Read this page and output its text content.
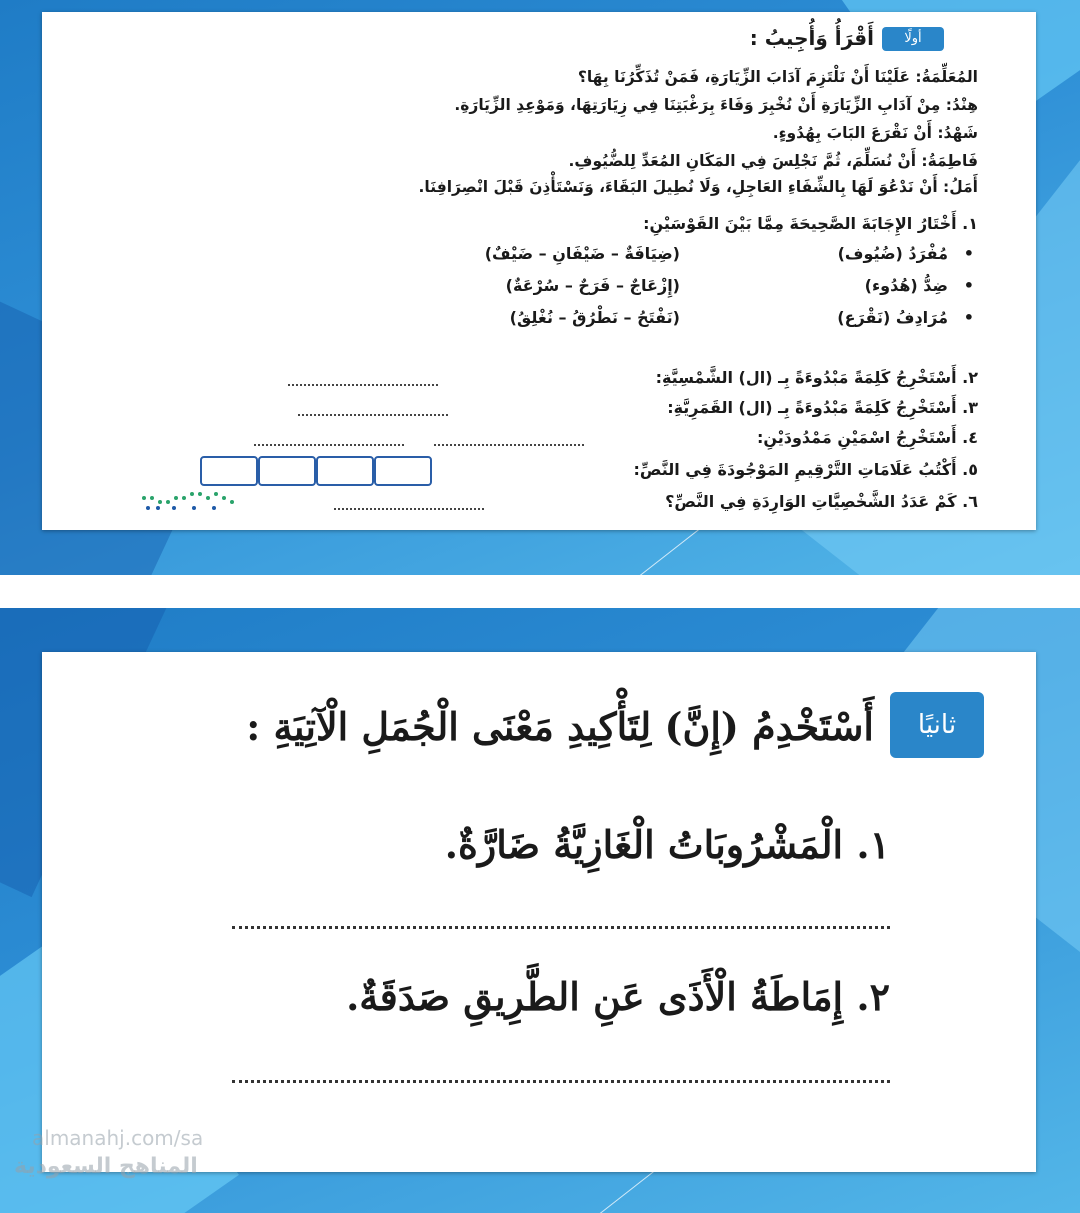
أولًا
أَقْرَأُ وَأُجِيبُ :
المُعَلِّمَةُ: عَلَيْنَا أَنْ نَلْتَزِمَ آدَابَ الزِّيَارَةِ، فَمَنْ تُذَكِّرُنَا بِهَا؟
هِنْدُ: مِنْ آدَابِ الزِّيَارَةِ أَنْ نُخْبِرَ وَفَاءَ بِرَغْبَتِنَا فِي زِيَارَتِهَا، وَمَوْعِدِ الزِّيَارَةِ.
شَهْدُ: أَنْ نَقْرَعَ البَابَ بِهُدُوءٍ.
فَاطِمَةُ: أَنْ نُسَلِّمَ، ثُمَّ نَجْلِسَ فِي المَكَانِ المُعَدِّ لِلضُّيُوفِ.
أَمَلُ: أَنْ نَدْعُوَ لَهَا بِالشِّفَاءِ العَاجِلِ، وَلَا نُطِيلَ البَقَاءَ، وَنَسْتَأْذِنَ قَبْلَ انْصِرَافِنَا.
١. أَخْتَارُ الإِجَابَةَ الصَّحِيحَةَ مِمَّا بَيْنَ القَوْسَيْنِ:
•
مُفْرَدُ (ضُيُوف)
(ضِيَافَةٌ – ضَيْفَانِ – ضَيْفٌ)
•
ضِدُّ (هُدُوء)
(إِزْعَاجٌ – فَرَحٌ – سُرْعَةٌ)
•
مُرَادِفُ (نَقْرَع)
(نَفْتَحُ – نَطْرُقُ – نُغْلِقُ)
٢. أَسْتَخْرِجُ كَلِمَةً مَبْدُوءَةً بِـ (ال) الشَّمْسِيَّةِ:
٣. أَسْتَخْرِجُ كَلِمَةً مَبْدُوءَةً بِـ (ال) القَمَرِيَّةِ:
٤. أَسْتَخْرِجُ اسْمَيْنِ مَمْدُودَيْنِ:
٥. أَكْتُبُ عَلَامَاتِ التَّرْقِيمِ المَوْجُودَةَ فِي النَّصِّ:
٦. كَمْ عَدَدُ الشَّخْصِيَّاتِ الوَارِدَةِ فِي النَّصِّ؟
ثانيًا
أَسْتَخْدِمُ (إِنَّ) لِتَأْكِيدِ مَعْنَى الْجُمَلِ الْآتِيَةِ :
١. الْمَشْرُوبَاتُ الْغَازِيَّةُ ضَارَّةٌ.
٢. إِمَاطَةُ الْأَذَى عَنِ الطَّرِيقِ صَدَقَةٌ.
almanahj.com/sa
المناهج السعودية
